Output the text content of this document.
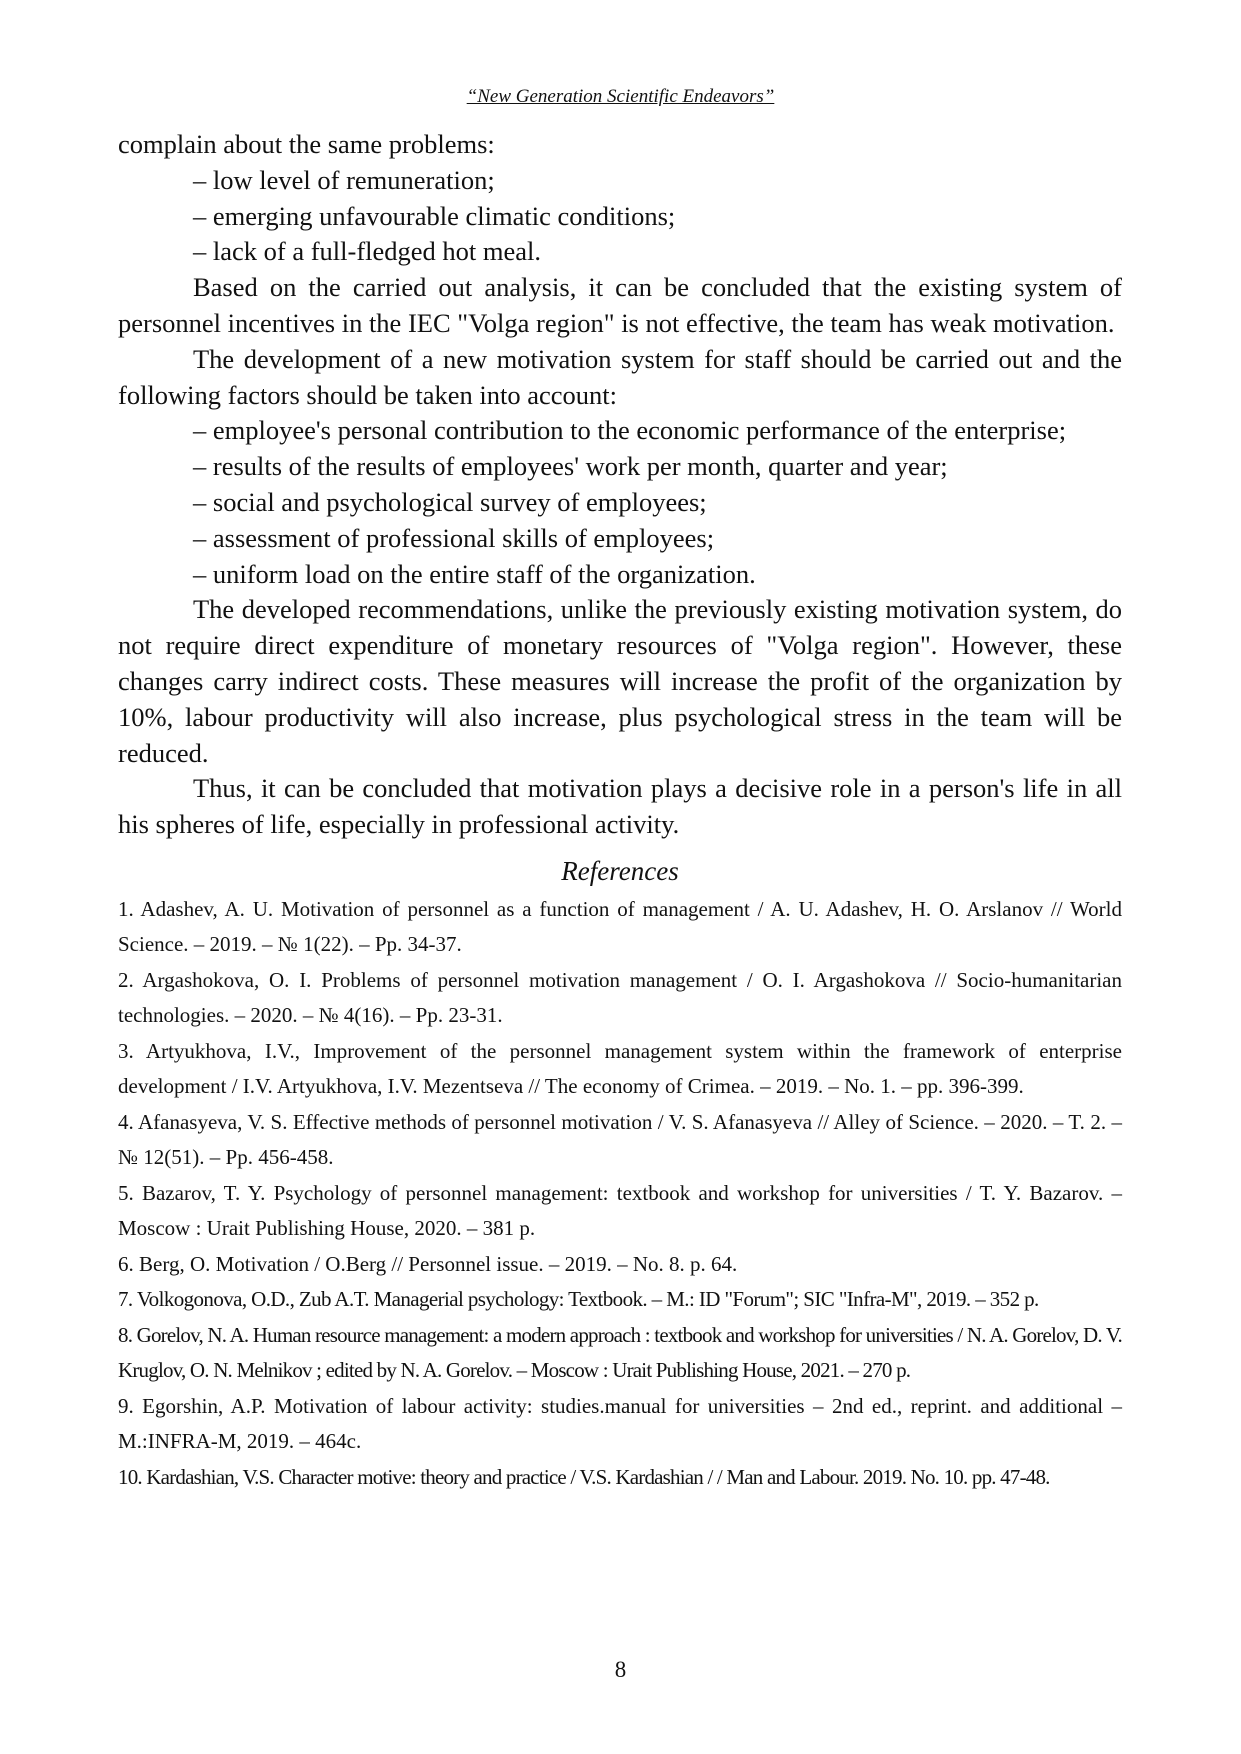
“New Generation Scientific Endeavors”

complain about the same problems:

– low level of remuneration;

– emerging unfavourable climatic conditions;

– lack of a full-fledged hot meal.

Based on the carried out analysis, it can be concluded that the existing system of personnel incentives in the IEC "Volga region" is not effective, the team has weak motivation.

The development of a new motivation system for staff should be carried out and the following factors should be taken into account:

– employee's personal contribution to the economic performance of the enterprise;

– results of the results of employees' work per month, quarter and year;

– social and psychological survey of employees;

– assessment of professional skills of employees;

– uniform load on the entire staff of the organization.

The developed recommendations, unlike the previously existing motivation system, do not require direct expenditure of monetary resources of "Volga region". However, these changes carry indirect costs. These measures will increase the profit of the organization by 10%, labour productivity will also increase, plus psychological stress in the team will be reduced.

Thus, it can be concluded that motivation plays a decisive role in a person's life in all his spheres of life, especially in professional activity.

References

1. Adashev, A. U. Motivation of personnel as a function of management / A. U. Adashev, H. O. Arslanov // World Science. – 2019. – № 1(22). – Pp. 34-37.

2. Argashokova, O. I. Problems of personnel motivation management / O. I. Argashokova // Socio-humanitarian technologies. – 2020. – № 4(16). – Pp. 23-31.

3. Artyukhova, I.V., Improvement of the personnel management system within the framework of enterprise development / I.V. Artyukhova, I.V. Mezentseva // The economy of Crimea. – 2019. – No. 1. – pp. 396-399.

4. Afanasyeva, V. S. Effective methods of personnel motivation / V. S. Afanasyeva // Alley of Science. – 2020. – T. 2. – № 12(51). – Pp. 456-458.

5. Bazarov, T. Y. Psychology of personnel management: textbook and workshop for universities / T. Y. Bazarov. – Moscow : Urait Publishing House, 2020. – 381 p.

6. Berg, O. Motivation / O.Berg // Personnel issue. – 2019. – No. 8. p. 64.

7. Volkogonova, O.D., Zub A.T. Managerial psychology: Textbook. – M.: ID "Forum"; SIC "Infra-M", 2019. – 352 p.

8. Gorelov, N. A. Human resource management: a modern approach : textbook and workshop for universities / N. A. Gorelov, D. V. Kruglov, O. N. Melnikov ; edited by N. A. Gorelov. – Moscow : Urait Publishing House, 2021. – 270 p.

9. Egorshin, A.P. Motivation of labour activity: studies.manual for universities – 2nd ed., reprint. and additional – M.:INFRA-M, 2019. – 464c.

10. Kardashian, V.S. Character motive: theory and practice / V.S. Kardashian / / Man and Labour. 2019. No. 10. pp. 47-48.

8
